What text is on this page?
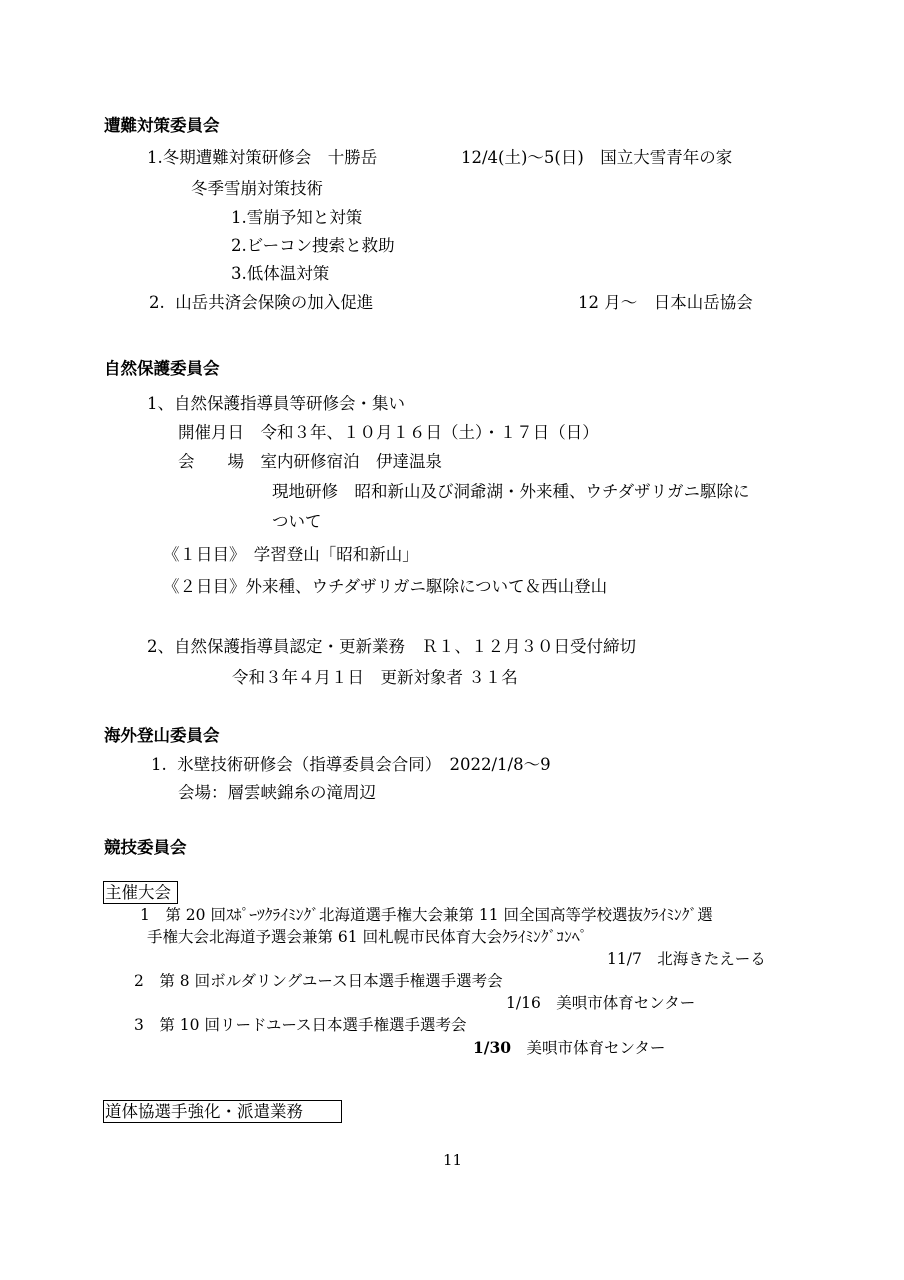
遭難対策委員会
1.冬期遭難対策研修会　十勝岳	12/4(土)〜5(日)　国立大雪青年の家
冬季雪崩対策技術
1.雪崩予知と対策
2.ビーコン捜索と救助
3.低体温対策
2.  山岳共済会保険の加入促進	12 月〜　日本山岳協会
自然保護委員会
1、自然保護指導員等研修会・集い
開催月日　令和３年、１０月１６日（土）・１７日（日）
会　　場　室内研修宿泊　伊達温泉
現地研修　昭和新山及び洞爺湖・外来種、ウチダザリガニ駆除に
ついて
《１日目》　学習登山「昭和新山」
《２日目》外来種、ウチダザリガニ駆除について＆西山登山
2、自然保護指導員認定・更新業務　Ｒ１、１２月３０日受付締切
令和３年４月１日　更新対象者 ３１名
海外登山委員会
1.  氷壁技術研修会（指導委員会合同）　2022/1/8〜9
会場：層雲峡錦糸の滝周辺
競技委員会
主催大会
1　第 20 回ｽﾎﾟｰﾂｸﾗｲﾐﾝｸﾞ北海道選手権大会兼第 11 回全国高等学校選抜ｸﾗｲﾐﾝｸﾞ選
手権大会北海道予選会兼第 61 回札幌市民体育大会ｸﾗｲﾐﾝｸﾞｺﾝﾍﾟ
11/7　北海きたえーる
2　第 8 回ボルダリングユース日本選手権選手選考会
1/16　美唄市体育センター
3　第 10 回リードユース日本選手権選手選考会
1/30　美唄市体育センター
道体協選手強化・派遣業務
11
